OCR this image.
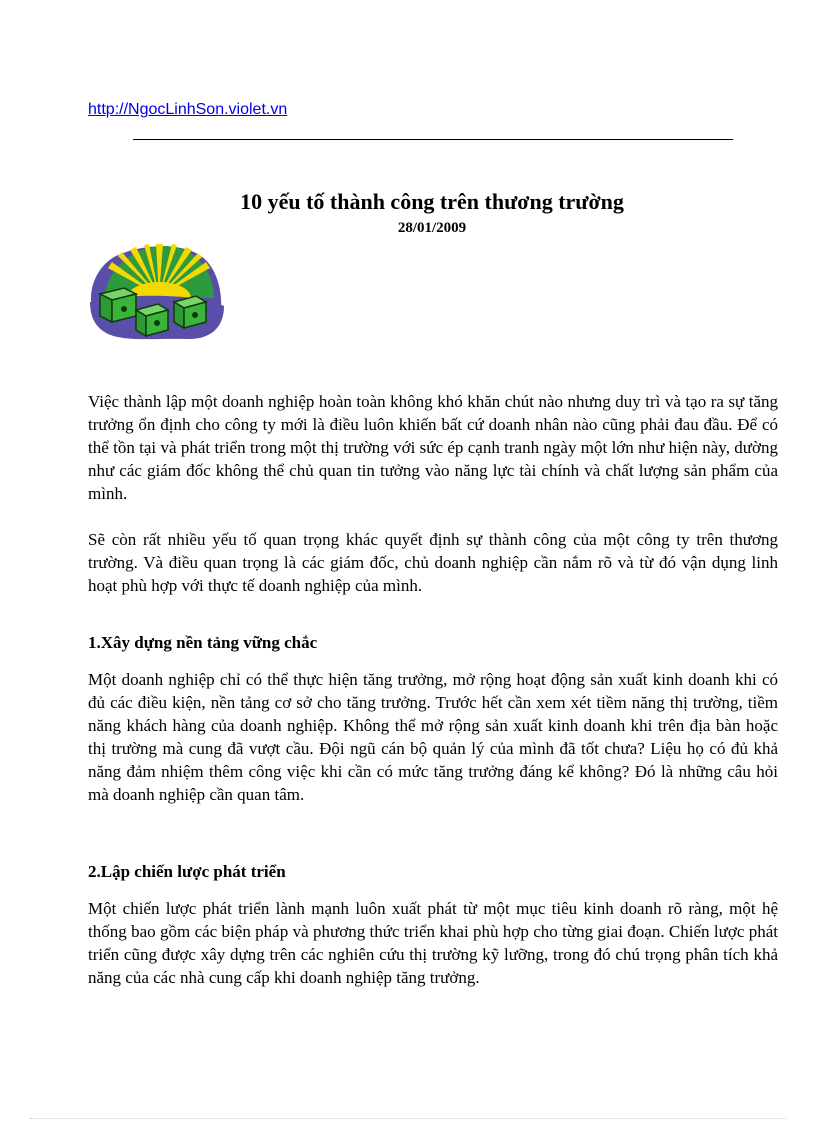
http://NgocLinhSon.violet.vn
10 yếu tố thành công trên thương trường
28/01/2009

Việc thành lập một doanh nghiệp hoàn toàn không khó khăn chút nào nhưng duy trì và tạo ra sự tăng trưởng ổn định cho công ty mới là điều luôn khiến bất cứ doanh nhân nào cũng phải đau đầu. Để có thể tồn tại và phát triển trong một thị trường với sức ép cạnh tranh ngày một lớn như hiện này, dường như các giám đốc không thể chủ quan tin tưởng vào năng lực tài chính và chất lượng sản phẩm của mình.

Sẽ còn rất nhiều yếu tố quan trọng khác quyết định sự thành công của một công ty trên thương trường. Và điều quan trọng là các giám đốc, chủ doanh nghiệp cần nắm rõ và từ đó vận dụng linh hoạt phù hợp với thực tế doanh nghiệp của mình.

1.Xây dựng nền tảng vững chắc

Một doanh nghiệp chỉ có thể thực hiện tăng trưởng, mở rộng hoạt động sản xuất kinh doanh khi có đủ các điều kiện, nền tảng cơ sở cho tăng trưởng. Trước hết cần xem xét tiềm năng thị trường, tiềm năng khách hàng của doanh nghiệp. Không thể mở rộng sản xuất kinh doanh khi trên địa bàn hoặc thị trường mà cung đã vượt cầu. Đội ngũ cán bộ quản lý của mình đã tốt chưa? Liệu họ có đủ khả năng đảm nhiệm thêm công việc khi cần có mức tăng trưởng đáng kể không? Đó là những câu hỏi mà doanh nghiệp cần quan tâm.

2.Lập chiến lược phát triển

Một chiến lược phát triển lành mạnh luôn xuất phát từ một mục tiêu kinh doanh rõ ràng, một hệ thống bao gồm các biện pháp và phương thức triển khai phù hợp cho từng giai đoạn. Chiến lược phát triển cũng được xây dựng trên các nghiên cứu thị trường kỹ lưỡng, trong đó chú trọng phân tích khả năng của các nhà cung cấp khi doanh nghiệp tăng trưởng.
